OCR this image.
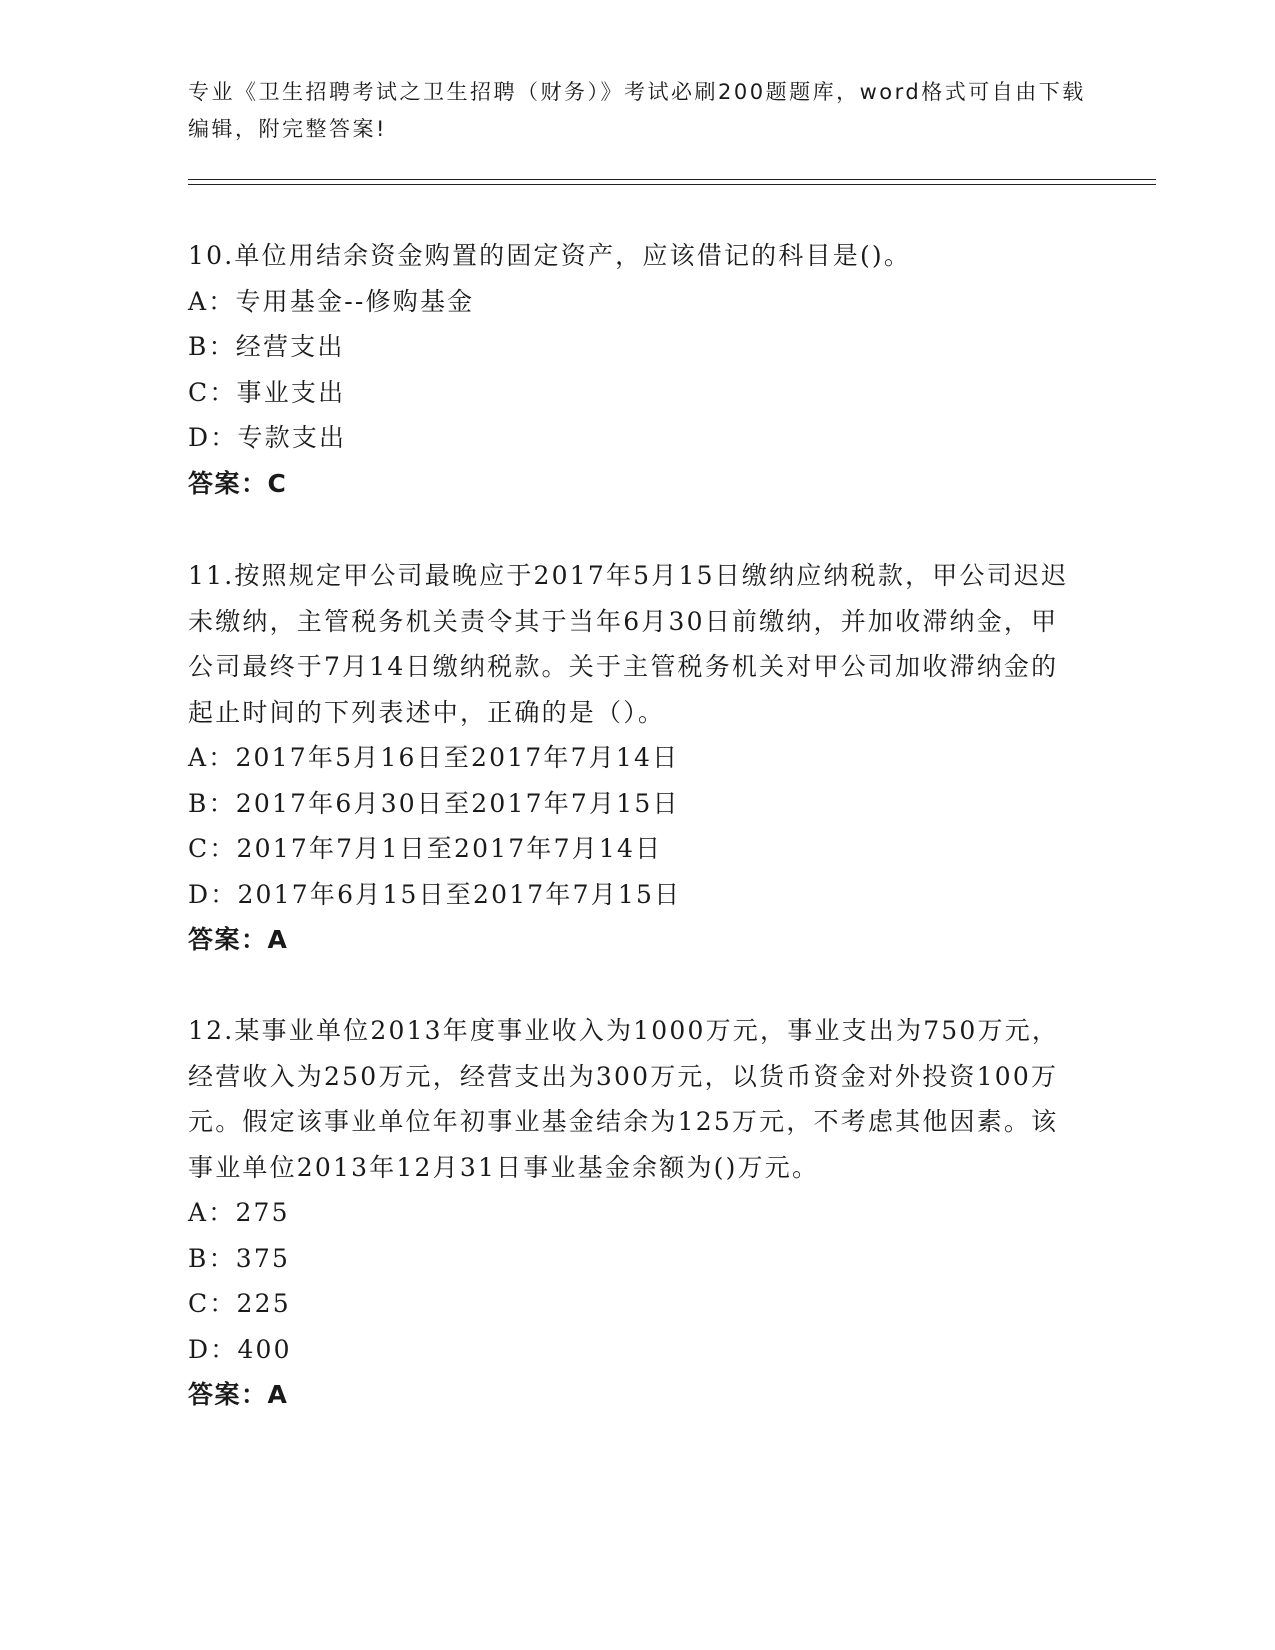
专业《卫生招聘考试之卫生招聘（财务）》考试必刷200题题库，word格式可自由下载编辑，附完整答案!
10.单位用结余资金购置的固定资产，应该借记的科目是()。
A：专用基金--修购基金
B：经营支出
C：事业支出
D：专款支出
答案：C
11.按照规定甲公司最晚应于2017年5月15日缴纳应纳税款，甲公司迟迟未缴纳，主管税务机关责令其于当年6月30日前缴纳，并加收滞纳金，甲公司最终于7月14日缴纳税款。关于主管税务机关对甲公司加收滞纳金的起止时间的下列表述中，正确的是（）。
A：2017年5月16日至2017年7月14日
B：2017年6月30日至2017年7月15日
C：2017年7月1日至2017年7月14日
D：2017年6月15日至2017年7月15日
答案：A
12.某事业单位2013年度事业收入为1000万元，事业支出为750万元，经营收入为250万元，经营支出为300万元，以货币资金对外投资100万元。假定该事业单位年初事业基金结余为125万元，不考虑其他因素。该事业单位2013年12月31日事业基金余额为()万元。
A：275
B：375
C：225
D：400
答案：A
